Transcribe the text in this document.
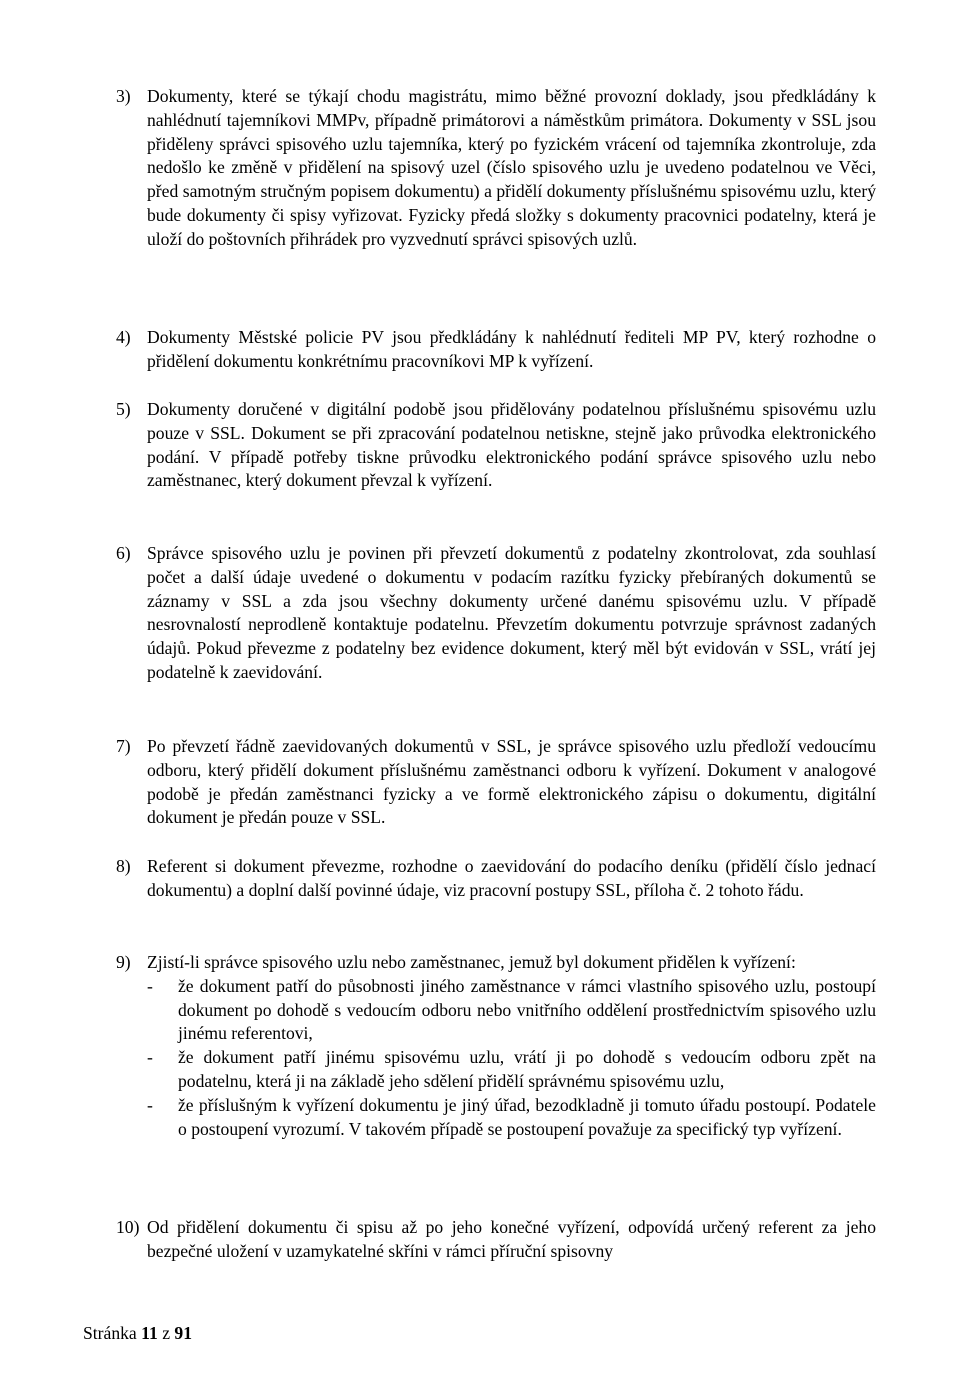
3) Dokumenty, které se týkají chodu magistrátu, mimo běžné provozní doklady, jsou předkládány k nahlédnutí tajemníkovi MMPv, případně primátorovi a náměstkům primátora. Dokumenty v SSL jsou přiděleny správci spisového uzlu tajemníka, který po fyzickém vrácení od tajemníka zkontroluje, zda nedošlo ke změně v přidělení na spisový uzel (číslo spisového uzlu je uvedeno podatelnou ve Věci, před samotným stručným popisem dokumentu) a přidělí dokumenty příslušnému spisovému uzlu, který bude dokumenty či spisy vyřizovat. Fyzicky předá složky s dokumenty pracovnici podatelny, která je uloží do poštovních přihrádek pro vyzvednutí správci spisových uzlů.
4) Dokumenty Městské policie PV jsou předkládány k nahlédnutí řediteli MP PV, který rozhodne o přidělení dokumentu konkrétnímu pracovníkovi MP k vyřízení.
5) Dokumenty doručené v digitální podobě jsou přidělovány podatelnou příslušnému spisovému uzlu pouze v SSL. Dokument se při zpracování podatelnou netiskne, stejně jako průvodka elektronického podání. V případě potřeby tiskne průvodku elektronického podání správce spisového uzlu nebo zaměstnanec, který dokument převzal k vyřízení.
6) Správce spisového uzlu je povinen při převzetí dokumentů z podatelny zkontrolovat, zda souhlasí počet a další údaje uvedené o dokumentu v podacím razítku fyzicky přebíraných dokumentů se záznamy v SSL a zda jsou všechny dokumenty určené danému spisovému uzlu. V případě nesrovnalostí neprodleně kontaktuje podatelnu. Převzetím dokumentu potvrzuje správnost zadaných údajů. Pokud převezme z podatelny bez evidence dokument, který měl být evidován v SSL, vrátí jej podatelně k zaevidování.
7) Po převzetí řádně zaevidovaných dokumentů v SSL, je správce spisového uzlu předloží vedoucímu odboru, který přidělí dokument příslušnému zaměstnanci odboru k vyřízení. Dokument v analogové podobě je předán zaměstnanci fyzicky a ve formě elektronického zápisu o dokumentu, digitální dokument je předán pouze v SSL.
8) Referent si dokument převezme, rozhodne o zaevidování do podacího deníku (přidělí číslo jednací dokumentu) a doplní další povinné údaje, viz pracovní postupy SSL, příloha č. 2 tohoto řádu.
9) Zjistí-li správce spisového uzlu nebo zaměstnanec, jemuž byl dokument přidělen k vyřízení:
- že dokument patří do působnosti jiného zaměstnance v rámci vlastního spisového uzlu, postoupí dokument po dohodě s vedoucím odboru nebo vnitřního oddělení prostřednictvím spisového uzlu jinému referentovi,
- že dokument patří jinému spisovému uzlu, vrátí ji po dohodě s vedoucím odboru zpět na podatelnu, která ji na základě jeho sdělení přidělí správnému spisovému uzlu,
- že příslušným k vyřízení dokumentu je jiný úřad, bezodkladně ji tomuto úřadu postoupí. Podatele o postoupení vyrozumí. V takovém případě se postoupení považuje za specifický typ vyřízení.
10) Od přidělení dokumentu či spisu až po jeho konečné vyřízení, odpovídá určený referent za jeho bezpečné uložení v uzamykatelné skříni v rámci příruční spisovny
Stránka 11 z 91
